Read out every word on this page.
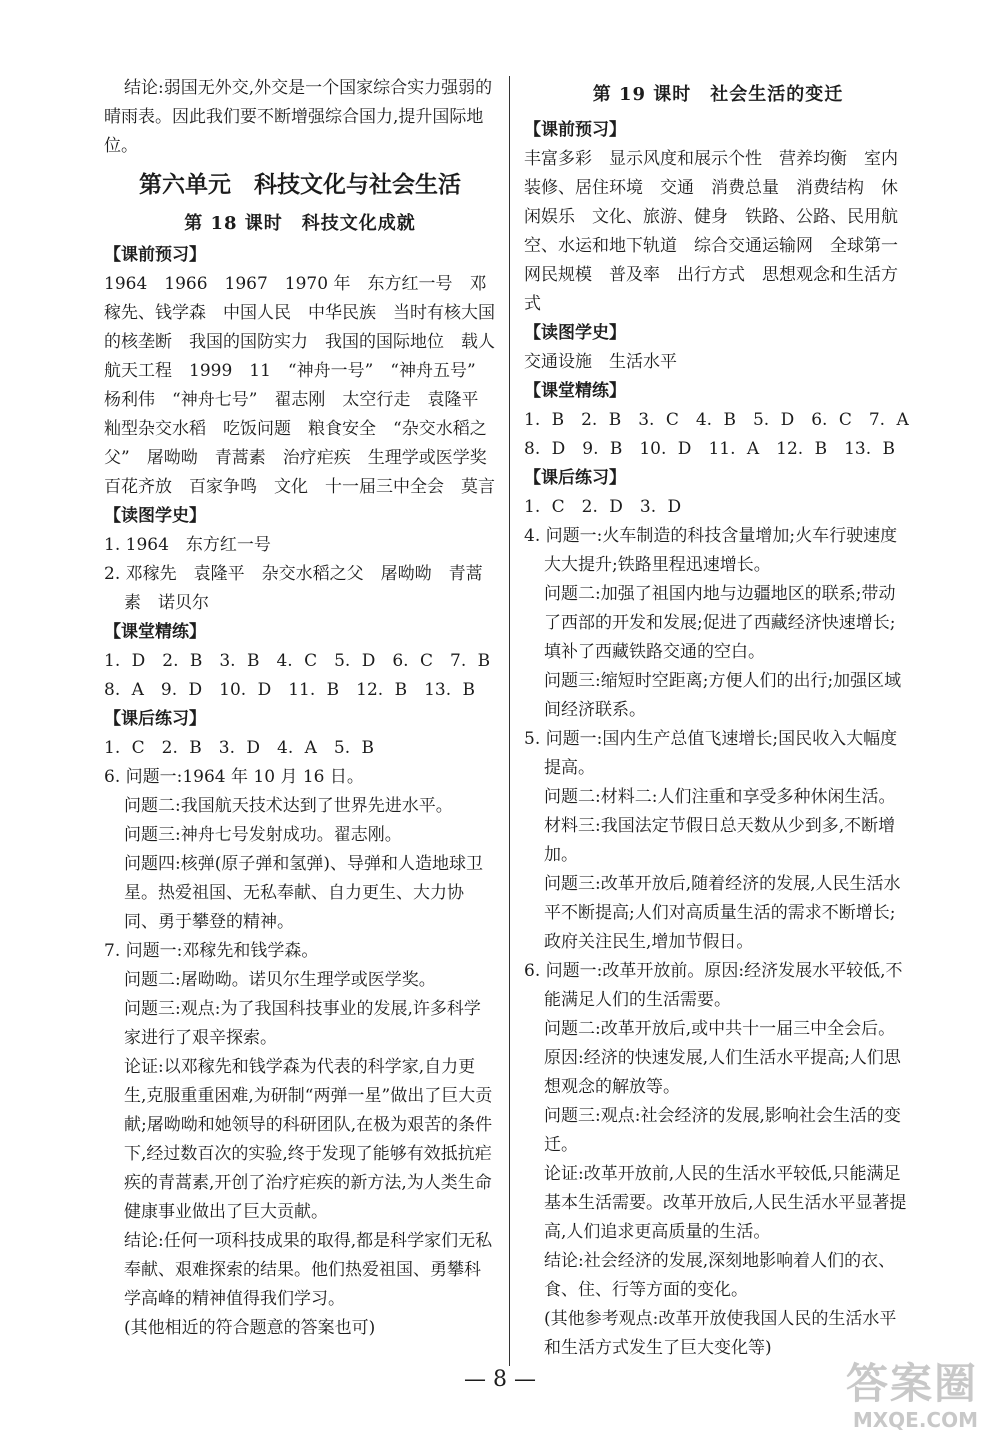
结论:弱国无外交,外交是一个国家综合实力强弱的晴雨表。因此我们要不断增强综合国力,提升国际地位。

第六单元　科技文化与社会生活
第 18 课时　科技文化成就
【课前预习】

1964　1966　1967　1970 年　东方红一号　邓稼先、钱学森　中国人民　中华民族　当时有核大国的核垄断　我国的国防实力　我国的国际地位　载人航天工程　1999　11　“神舟一号”　“神舟五号”　杨利伟　“神舟七号”　翟志刚　太空行走　袁隆平　籼型杂交水稻　吃饭问题　粮食安全　“杂交水稻之父”　屠呦呦　青蒿素　治疗疟疾　生理学或医学奖　百花齐放　百家争鸣　文化　十一届三中全会　莫言

【读图学史】

1. 1964　东方红一号

2. 邓稼先　袁隆平　杂交水稻之父　屠呦呦　青蒿素　诺贝尔

【课堂精练】

1. D　2. B　3. B　4. C　5. D　6. C　7. B　8. A　9. D　10. D　11. B　12. B　13. B

【课后练习】

1. C　2. B　3. D　4. A　5. B

6. 问题一:1964 年 10 月 16 日。

问题二:我国航天技术达到了世界先进水平。

问题三:神舟七号发射成功。翟志刚。

问题四:核弹(原子弹和氢弹)、导弹和人造地球卫星。热爱祖国、无私奉献、自力更生、大力协同、勇于攀登的精神。

7. 问题一:邓稼先和钱学森。

问题二:屠呦呦。诺贝尔生理学或医学奖。

问题三:观点:为了我国科技事业的发展,许多科学家进行了艰辛探索。

论证:以邓稼先和钱学森为代表的科学家,自力更生,克服重重困难,为研制“两弹一星”做出了巨大贡献;屠呦呦和她领导的科研团队,在极为艰苦的条件下,经过数百次的实验,终于发现了能够有效抵抗疟疾的青蒿素,开创了治疗疟疾的新方法,为人类生命健康事业做出了巨大贡献。

结论:任何一项科技成果的取得,都是科学家们无私奉献、艰难探索的结果。他们热爱祖国、勇攀科学高峰的精神值得我们学习。

(其他相近的符合题意的答案也可)

第 19 课时　社会生活的变迁
【课前预习】

丰富多彩　显示风度和展示个性　营养均衡　室内装修、居住环境　交通　消费总量　消费结构　休闲娱乐　文化、旅游、健身　铁路、公路、民用航空、水运和地下轨道　综合交通运输网　全球第一　网民规模　普及率　出行方式　思想观念和生活方式

【读图学史】

交通设施　生活水平

【课堂精练】

1. B　2. B　3. C　4. B　5. D　6. C　7. A　8. D　9. B　10. D　11. A　12. B　13. B

【课后练习】

1. C　2. D　3. D

4. 问题一:火车制造的科技含量增加;火车行驶速度大大提升;铁路里程迅速增长。

问题二:加强了祖国内地与边疆地区的联系;带动了西部的开发和发展;促进了西藏经济快速增长;填补了西藏铁路交通的空白。

问题三:缩短时空距离;方便人们的出行;加强区域间经济联系。

5. 问题一:国内生产总值飞速增长;国民收入大幅度提高。

问题二:材料二:人们注重和享受多种休闲生活。

材料三:我国法定节假日总天数从少到多,不断增加。

问题三:改革开放后,随着经济的发展,人民生活水平不断提高;人们对高质量生活的需求不断增长;政府关注民生,增加节假日。

6. 问题一:改革开放前。原因:经济发展水平较低,不能满足人们的生活需要。

问题二:改革开放后,或中共十一届三中全会后。原因:经济的快速发展,人们生活水平提高;人们思想观念的解放等。

问题三:观点:社会经济的发展,影响社会生活的变迁。

论证:改革开放前,人民的生活水平较低,只能满足基本生活需要。改革开放后,人民生活水平显著提高,人们追求更高质量的生活。

结论:社会经济的发展,深刻地影响着人们的衣、食、住、行等方面的变化。

(其他参考观点:改革开放使我国人民的生活水平和生活方式发生了巨大变化等)

— 8 —	答案圈
MXQE.COM
